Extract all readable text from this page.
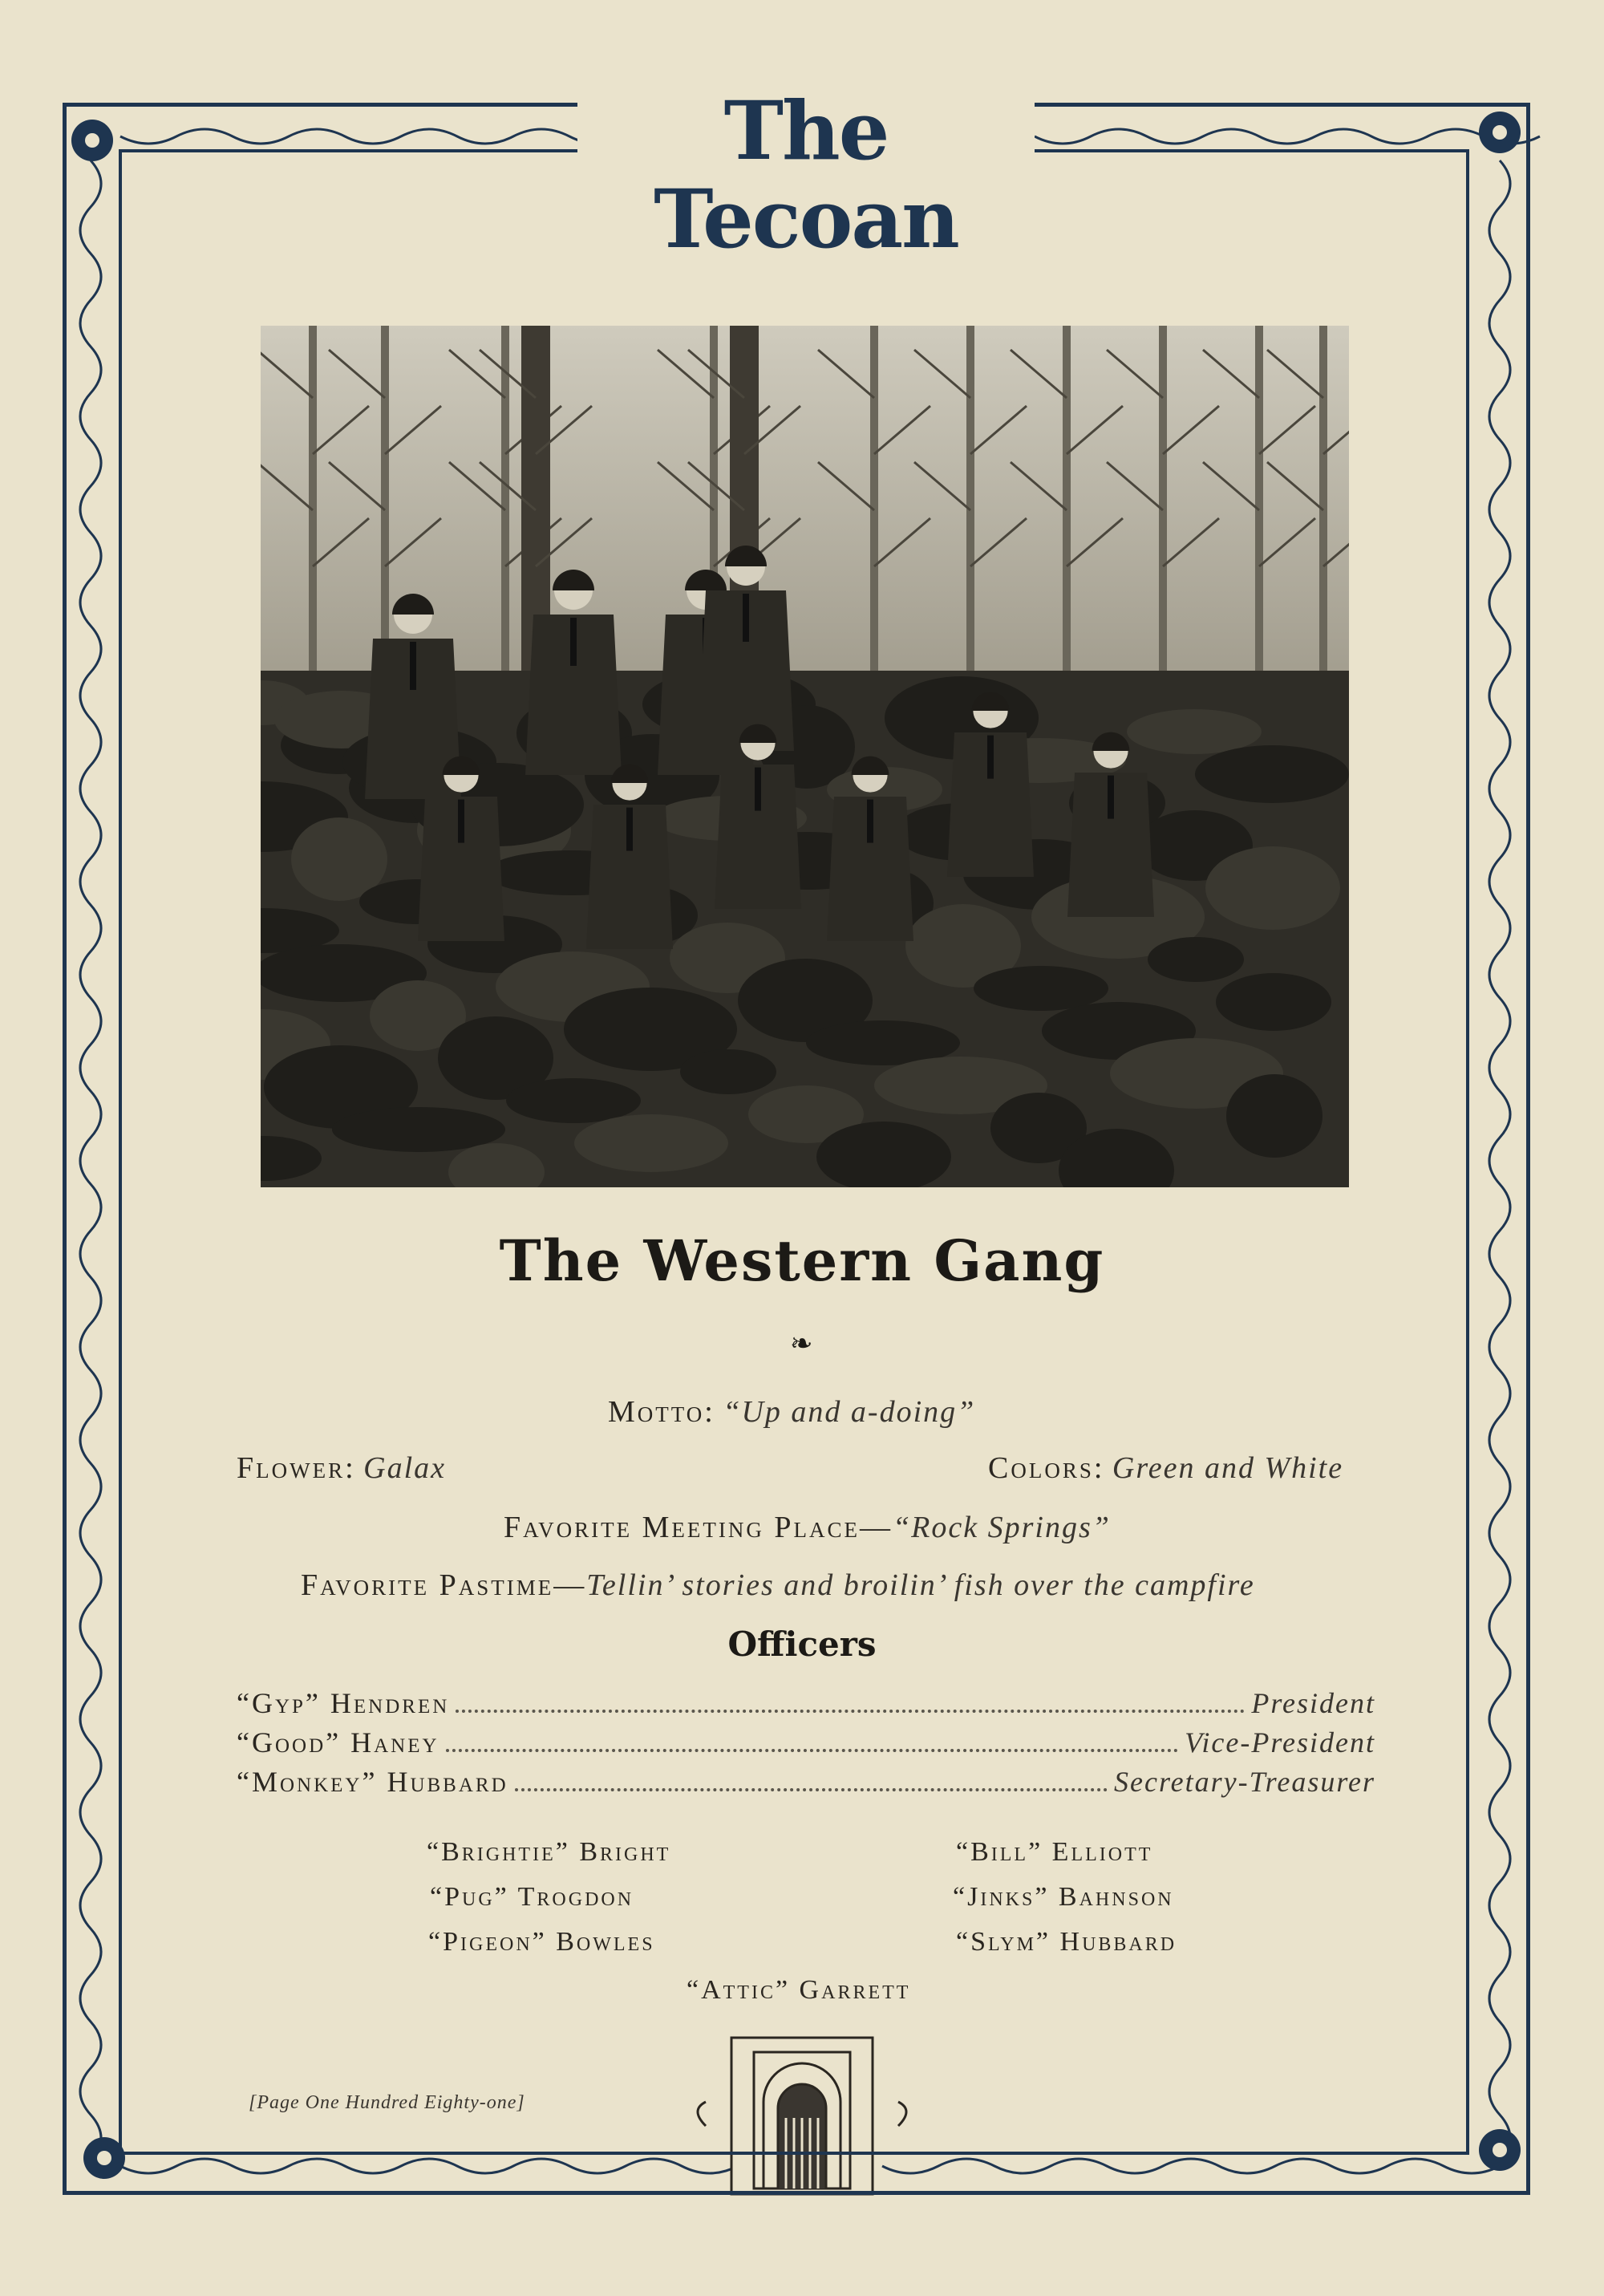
The Tecoan
The Western Gang
❧
Motto: “Up and a-doing”
Flower: Galax	Colors: Green and White
Favorite Meeting Place—“Rock Springs”
Favorite Pastime—Tellin’ stories and broilin’ fish over the campfire
Officers
“Gyp” Hendren	President
“Good” Haney	Vice-President
“Monkey” Hubbard	Secretary-Treasurer
“Brightie” Bright
“Pug” Trogdon
“Pigeon” Bowles
“Bill” Elliott
“Jinks” Bahnson
“Slym” Hubbard
“Attic” Garrett
[Page One Hundred Eighty-one]
